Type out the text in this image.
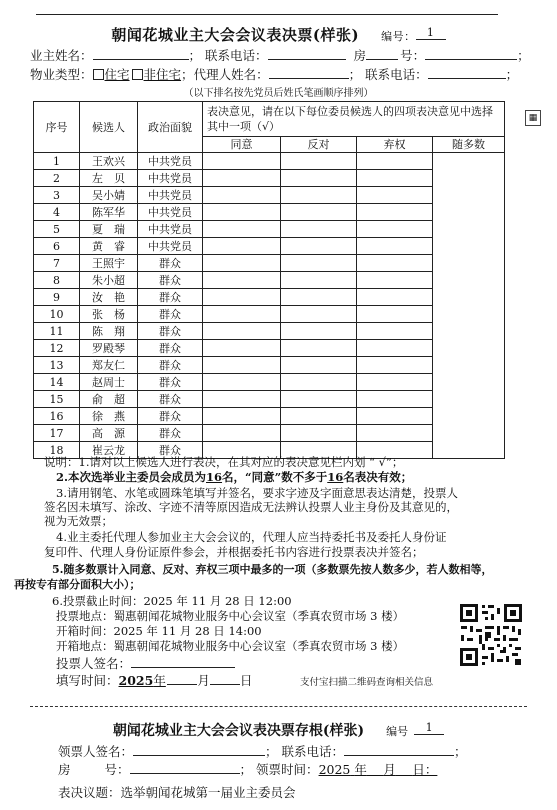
朝闻花城业主大会会议表决票(样张) 编号： 1
业主姓名：	； 联系电话：	房	号：	；
物业类型： 住宅 非住宅；代理人姓名：	； 联系电话：	；
（以下排名按先党员后姓氏笔画顺序排列）
▦
序号	候选人	政治面貌	表决意见，请在以下每位委员候选人的四项表决意见中选择其中一项（√）			
			同意	反对	弃权	随多数
1	王欢兴	中共党员				
2	左　贝	中共党员				
3	吴小婧	中共党员				
4	陈军华	中共党员				
5	夏　瑞	中共党员				
6	黄　睿	中共党员				
7	王照宇	群众				
8	朱小超	群众				
9	汝　艳	群众				
10	张　杨	群众				
11	陈　翔	群众				
12	罗殿琴	群众				
13	郑友仁	群众				
14	赵周士	群众				
15	俞　超	群众				
16	徐　燕	群众				
17	高　源	群众				
18	崔云龙	群众				
说明：1.请对以上候选人进行表决，在其对应的表决意见栏内划 “ √”；
2.本次选举业主委员会成员为16名，“同意”数不多于16名表决有效；
3.请用钢笔、水笔或圆珠笔填写并签名，要求字迹及字面意思表达清楚，投票人
签名因未填写、涂改、字迹不清等原因造成无法辨认投票人业主身份及其意见的，
视为无效票；
4.业主委托代理人参加业主大会会议的，代理人应当持委托书及委托人身份证
复印件、代理人身份证原件参会，并根据委托书内容进行投票表决并签名；
5.随多数票计入同意、反对、弃权三项中最多的一项（多数票先按人数多少，若人数相等，
再按专有部分面积大小）；
6.投票截止时间：2025 年 11 月 28 日 12:00
投票地点：蜀惠朝闻花城物业服务中心会议室（季真农贸市场 3 楼）
开箱时间：2025 年 11 月 28 日 14:00
开箱地点：蜀惠朝闻花城物业服务中心会议室（季真农贸市场 3 楼）
投票人签名：
填写时间：2025年	月 日	支付宝扫描二维码查询相关信息
朝闻花城业主大会会议表决票存根(样张) 编号 1
领票人签名：	； 联系电话：	；
房	号：	； 领票时间：2025 年　 月　 日：
表决议题：选举朝闻花城第一届业主委员会
